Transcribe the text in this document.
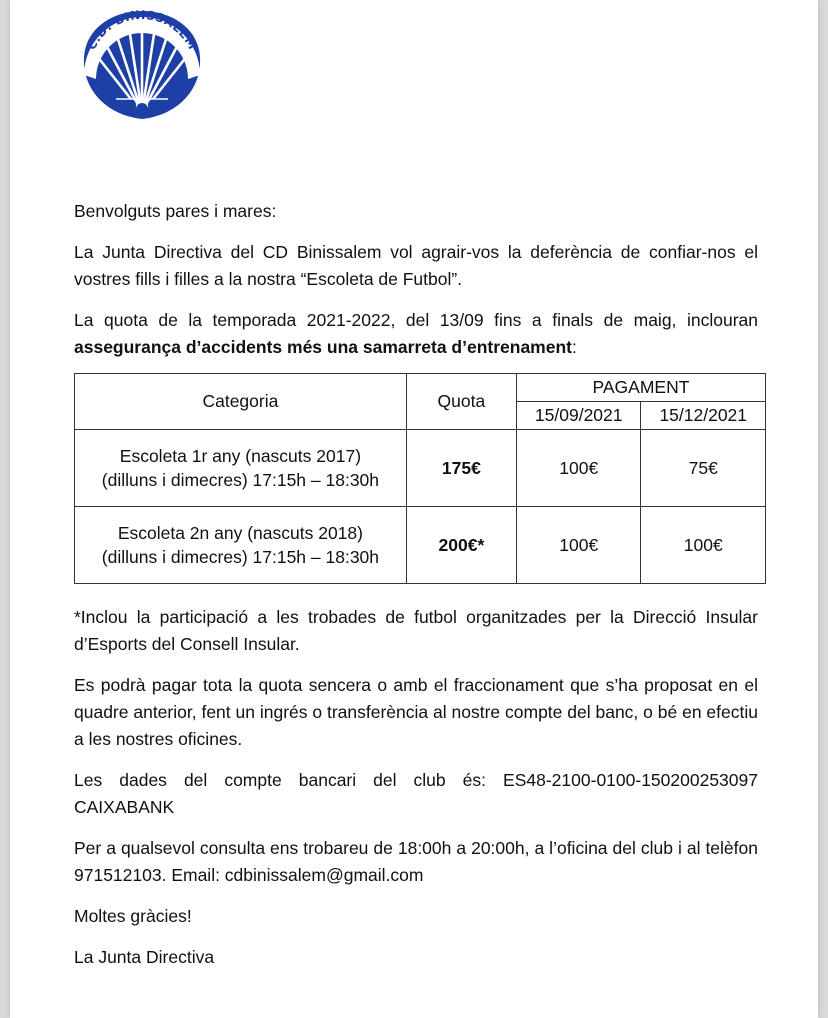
C.D. BINISSALEM

Benvolguts pares i mares:

La Junta Directiva del CD Binissalem vol agrair-vos la deferència de confiar-nos el vostres fills i filles a la nostra “Escoleta de Futbol”.

La quota de la temporada 2021-2022, del 13/09 fins a finals de maig, inclouran assegurança d’accidents més una samarreta d’entrenament:

Categoria	Quota	PAGAMENT	
		15/09/2021	15/12/2021

Escoleta 1r any (nascuts 2017)
(dilluns i dimecres) 17:15h – 18:30h	175€	100€	75€

Escoleta 2n any (nascuts 2018)
(dilluns i dimecres) 17:15h – 18:30h	200€*	100€	100€

*Inclou la participació a les trobades de futbol organitzades per la Direcció Insular d’Esports del Consell Insular.

Es podrà pagar tota la quota sencera o amb el fraccionament que s’ha proposat en el quadre anterior, fent un ingrés o transferència al nostre compte del banc, o bé en efectiu a les nostres oficines.

Les dades del compte bancari del club és: ES48-2100-0100-150200253097 CAIXABANK

Per a qualsevol consulta ens trobareu de 18:00h a 20:00h, a l’oficina del club i al telèfon 971512103. Email: cdbinissalem@gmail.com

Moltes gràcies!

La Junta Directiva
